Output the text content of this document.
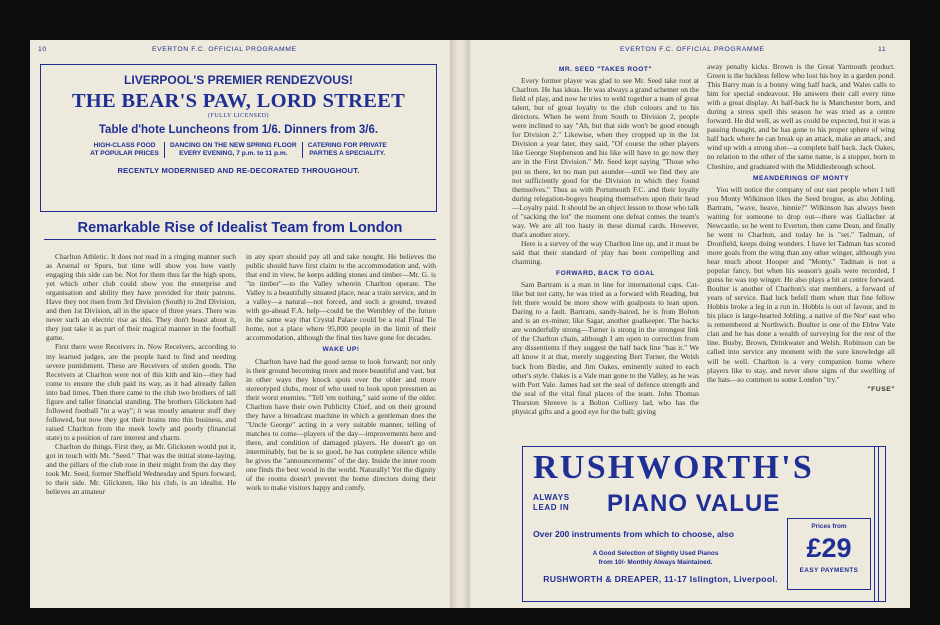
10	EVERTON F.C. OFFICIAL PROGRAMME
LIVERPOOL'S PREMIER RENDEZVOUS!
THE BEAR'S PAW, LORD STREET
(FULLY LICENSED)
Table d'hote Luncheons from 1/6. Dinners from 3/6.
HIGH-CLASS FOOD
AT POPULAR PRICES
DANCING ON THE NEW SPRING FLOOR
EVERY EVENING, 7 p.m. to 11 p.m.
CATERING FOR PRIVATE
PARTIES A SPECIALITY.
RECENTLY MODERNISED AND RE-DECORATED THROUGHOUT.
Remarkable Rise of Idealist Team from London

Charlton Athletic. It does not read in a ringing manner such as Arsenal or Spurs, but time will show you how vastly engaging this side can be. Not for them thus far the high spots, yet which other club could show you the enterprise and organisation and ability they have provided for their patrons. Have they not risen from 3rd Division (South) to 2nd Division, and then 1st Division, all in the space of three years. There was never such an electric rise as this. They don't boast about it, they just take it as part of their magical manner in the football game.

First there were Receivers in. Now Receivers, according to my learned judges, are the people hard to find and needing severe punishment. These are Receivers of stolen goods. The Receivers at Charlton were not of this kith and kin—they had come to ensure the club paid its way, as it had already fallen into bad times. Then there came to the club two brothers of tall figure and taller financial standing. The brothers Glicksten had followed football "in a way"; it was mostly amateur stuff they followed, but now they got their brains into this business, and raised Charlton from the meek lowly and poorly (financial state) to a position of rare interest and charm.

Charlton do things. First they, as Mr. Glicksten would put it, got in touch with Mr. "Seed." That was the initial stone-laying, and the pillars of the club rose in their might from the day they took Mr. Seed, former Sheffield Wednesday and Spurs forward, to their side. Mr. Glicksten, like his club, is an idealist. He believes an amateur

in any sport should pay all and take nought. He believes the public should have first claim to the accommodation and, with that end in view, he keeps adding stones and timber—Mr. G. is "in timber"—to the Valley wherein Charlton operate. The Valley is a beautifully situated place, near a train service, and in a valley—a natural—not forced, and such a ground, treated with go-ahead F.A. help—could be the Wembley of the future in the same way that Crystal Palace could be a real Final Tie home, not a place where 95,000 people in the limit of their accommodation, although the final ties have gone for decades.

WAKE UP!

Charlton have had the good sense to look forward; not only is their ground becoming more and more beautiful and vast, but in other ways they knock spots over the older and more stereotyped clubs, most of who used to look upon pressmen as their worst enemies. "Tell 'em nothing," said some of the older. Charlton have their own Publicity Chief, and on their ground they have a broadcast machine in which a gentleman does the "Uncle George" acting in a very suitable manner, telling of matches to come—players of the day—improvements here and there, and condition of damaged players. He doesn't go on interminably, but he is so good, he has complete silence while he gives the "announcements" of the day. Inside the inner room one finds the best wood in the world. Naturally! Yet the dignity of the rooms doesn't prevent the home directors doing their work to make visitors happy and comfy.

EVERTON F.C. OFFICIAL PROGRAMME	11

MR. SEED "TAKES ROOT"

Every former player was glad to see Mr. Seed take root at Charlton. He has ideas. He was always a grand schemer on the field of play, and now he tries to weld together a team of great talent, but of great loyalty to the club colours and to his directors. When he went from South to Division 2, people were inclined to say "Ah, but that side won't be good enough for Division 2." Likewise, when they cropped up in the 1st Division a year later, they said, "Of course the other players like George Stephenson and his like will have to go now they are in the First Division." Mr. Seed kept saying "Those who put us there, let no man put asunder—until we find they are not sufficiently good for the Division in which they found themselves." Thus as with Portsmouth F.C. and their loyalty during relegation-bogeys heaping themselves upon their head—Loyalty paid. It should be an object lesson to those who talk of "sacking the lot" the moment one defeat comes the team's way. We are all too hasty in these dismal cards. However, that's another story.

Here is a survey of the way Charlton line up, and it must be said that their standard of play has been compelling and charming.

FORWARD, BACK TO GOAL

Sam Bartram is a man in line for international caps. Cat-like but not catty, he was tried as a forward with Reading, but felt there would be more show with goalposts to lean upon. Daring to a fault. Bartram, sandy-haired, he is from Bolton and is an ex-miner, like Sagar, another goalkeeper. The backs are wonderfully strong—Turner is strong in the strongest link of the Charlton chain, although I am open to correction from any dissentients if they suggest the half back line "has it." We all know it at that, merely suggesting Bert Turner, the Welsh back from Birdie, and Jim Oakes, eminently suited to each other's style. Oakes is a Vale man gone to the Valley, as he was with Port Vale. James had set the seal of defence strength and the seal of the vital final places of the team. John Thomas Thurston Shreeve is a Bolton Colliery lad, who has the physical gifts and a good eye for the ball; giving

away penalty kicks. Brown is the Great Yarmouth product. Green is the luckless fellow who lost his boy in a garden pond. This Barry man is a bonny wing half back, and Wales calls to him for special endeavour. He answers their call every time with a great display. At half-back he is Manchester born, and during a stress spell this season he was tried as a centre forward. He did well, as well as could be expected, but it was a passing thought, and he has gone to his proper sphere of wing half back where he can break up an attack, make an attack, and wind up with a strong shot—a complete half back. Jack Oakes, no relation to the other of the same name, is a stopper, born in Cheshire, and graduated with the Middlesbrough school.

MEANDERINGS OF MONTY

You will notice the company of our east people when I tell you Monty Wilkinson likes the Seed brogue, as also Jobling, Bartram, "wave, heave, hinnie?" Wilkinson has always been waiting for someone to drop out—there was Gallacher at Newcastle, so he went to Everton, then came Dean, and finally he went to Charlton, and today he is "set." Tadman, of Dronfield, keeps doing wonders. I have let Tadman has scored more goals from the wing than any other winger, although you hear much about Hooper and "Monty." Tadman is not a popular fancy, but when his season's goals were recorded, I guess he was top winger. He also plays a bit at centre forward. Boulter is another of Charlton's star members, a forward of years of service. Bad luck befell them when that fine fellow Hobbis broke a leg in a run in. Hobbis is out of favour, and in his place is large-hearted Jobling, a native of the Nor' east who is remembered at Northwich. Boulter is one of the Ebbw Vale clan and he has done a wealth of surveying for the rest of the line. Busby, Brown, Drinkwater and Welsh. Robinson can be called into service any moment with the sure knowledge all will be well. Charlton is a very companion home where players like to stay, and never show signs of the swelling of the hats—so common to some London "try."

"FUSE"

RUSHWORTH'S
ALWAYS
LEAD IN PIANO VALUE
Over 200 instruments from which to choose, also
A Good Selection of Slightly Used Pianos
from 10/- Monthly Always Maintained.
RUSHWORTH & DREAPER, 11-17 Islington, Liverpool.
Prices from
£29
EASY PAYMENTS
